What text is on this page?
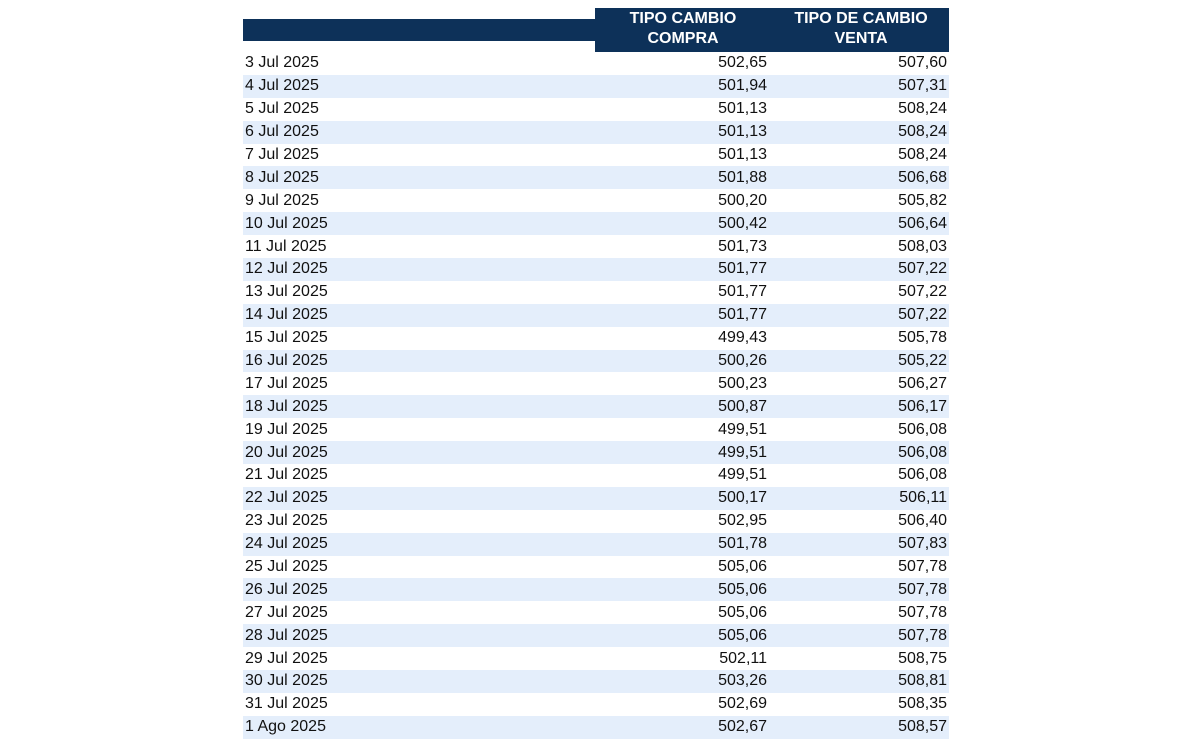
TIPO CAMBIO
COMPRA
TIPO DE CAMBIO
VENTA
3 Jul 2025	502,65	507,60
4 Jul 2025	501,94	507,31
5 Jul 2025	501,13	508,24
6 Jul 2025	501,13	508,24
7 Jul 2025	501,13	508,24
8 Jul 2025	501,88	506,68
9 Jul 2025	500,20	505,82
10 Jul 2025	500,42	506,64
11 Jul 2025	501,73	508,03
12 Jul 2025	501,77	507,22
13 Jul 2025	501,77	507,22
14 Jul 2025	501,77	507,22
15 Jul 2025	499,43	505,78
16 Jul 2025	500,26	505,22
17 Jul 2025	500,23	506,27
18 Jul 2025	500,87	506,17
19 Jul 2025	499,51	506,08
20 Jul 2025	499,51	506,08
21 Jul 2025	499,51	506,08
22 Jul 2025	500,17	506,11
23 Jul 2025	502,95	506,40
24 Jul 2025	501,78	507,83
25 Jul 2025	505,06	507,78
26 Jul 2025	505,06	507,78
27 Jul 2025	505,06	507,78
28 Jul 2025	505,06	507,78
29 Jul 2025	502,11	508,75
30 Jul 2025	503,26	508,81
31 Jul 2025	502,69	508,35
1 Ago 2025	502,67	508,57
